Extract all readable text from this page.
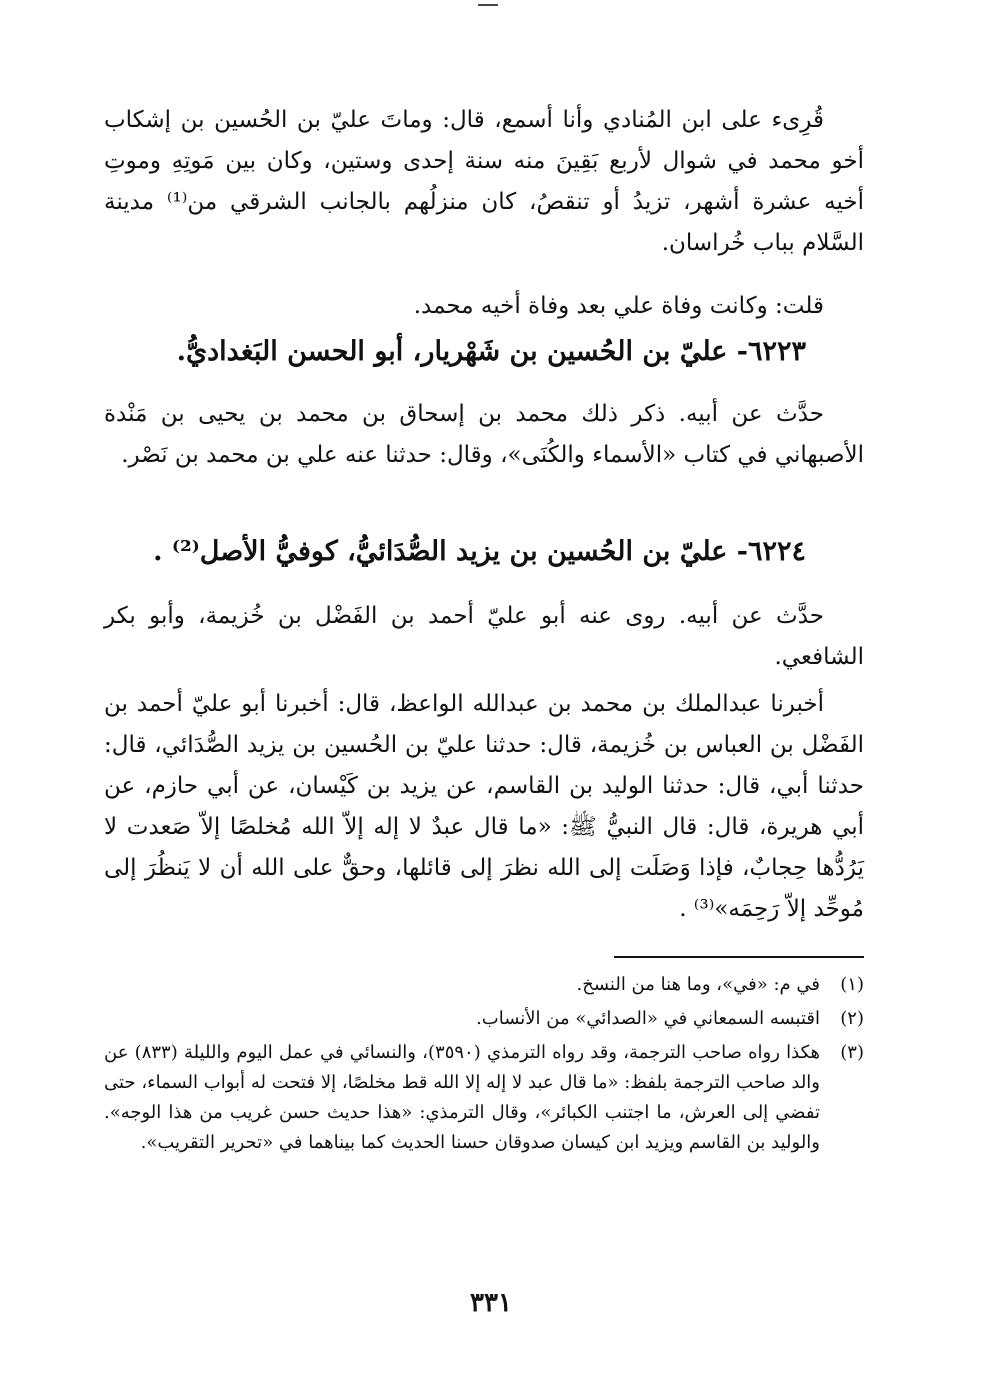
قُرِىء على ابن المُنادي وأنا أسمع، قال: وماتَ عليّ بن الحُسين بن إشكاب أخو محمد في شوال لأربع بَقِينَ منه سنة إحدى وستين، وكان بين مَوتِهِ وموتِ أخيه عشرة أشهر، تزيدُ أو تنقصُ، كان منزلُهم بالجانب الشرقي من⁽¹⁾ مدينة السَّلام بباب خُراسان.

قلت: وكانت وفاة علي بعد وفاة أخيه محمد.

٦٢٢٣- عليّ بن الحُسين بن شَهْريار، أبو الحسن البَغداديُّ.

حدَّث عن أبيه. ذكر ذلك محمد بن إسحاق بن محمد بن يحيى بن مَنْدة الأصبهاني في كتاب «الأسماء والكُنَى»، وقال: حدثنا عنه علي بن محمد بن نَصْر.

٦٢٢٤- عليّ بن الحُسين بن يزيد الصُّدَائيُّ، كوفيُّ الأصل⁽²⁾ .

حدَّث عن أبيه. روى عنه أبو عليّ أحمد بن الفَضْل بن خُزيمة، وأبو بكر الشافعي.

أخبرنا عبدالملك بن محمد بن عبدالله الواعظ، قال: أخبرنا أبو عليّ أحمد بن الفَضْل بن العباس بن خُزيمة، قال: حدثنا عليّ بن الحُسين بن يزيد الصُّدَائي، قال: حدثنا أبي، قال: حدثنا الوليد بن القاسم، عن يزيد بن كَيْسان، عن أبي حازم، عن أبي هريرة، قال: قال النبيُّ ﷺ: «ما قال عبدٌ لا إله إلاّ الله مُخلصًا إلاّ صَعدت لا يَرُدُّها حِجابٌ، فإذا وَصَلَت إلى الله نظرَ إلى قائلها، وحقٌّ على الله أن لا يَنظُرَ إلى مُوحِّد إلاّ رَحِمَه»⁽³⁾ .

(١)
في م: «في»، وما هنا من النسخ.
(٢)
اقتبسه السمعاني في «الصدائي» من الأنساب.
(٣)
هكذا رواه صاحب الترجمة، وقد رواه الترمذي (٣٥٩٠)، والنسائي في عمل اليوم والليلة (٨٣٣) عن والد صاحب الترجمة بلفظ: «ما قال عبد لا إله إلا الله قط مخلصًا، إلا فتحت له أبواب السماء، حتى تفضي إلى العرش، ما اجتنب الكبائر»، وقال الترمذي: «هذا حديث حسن غريب من هذا الوجه». والوليد بن القاسم ويزيد ابن كيسان صدوقان حسنا الحديث كما بيناهما في «تحرير التقريب».
٣٣١
